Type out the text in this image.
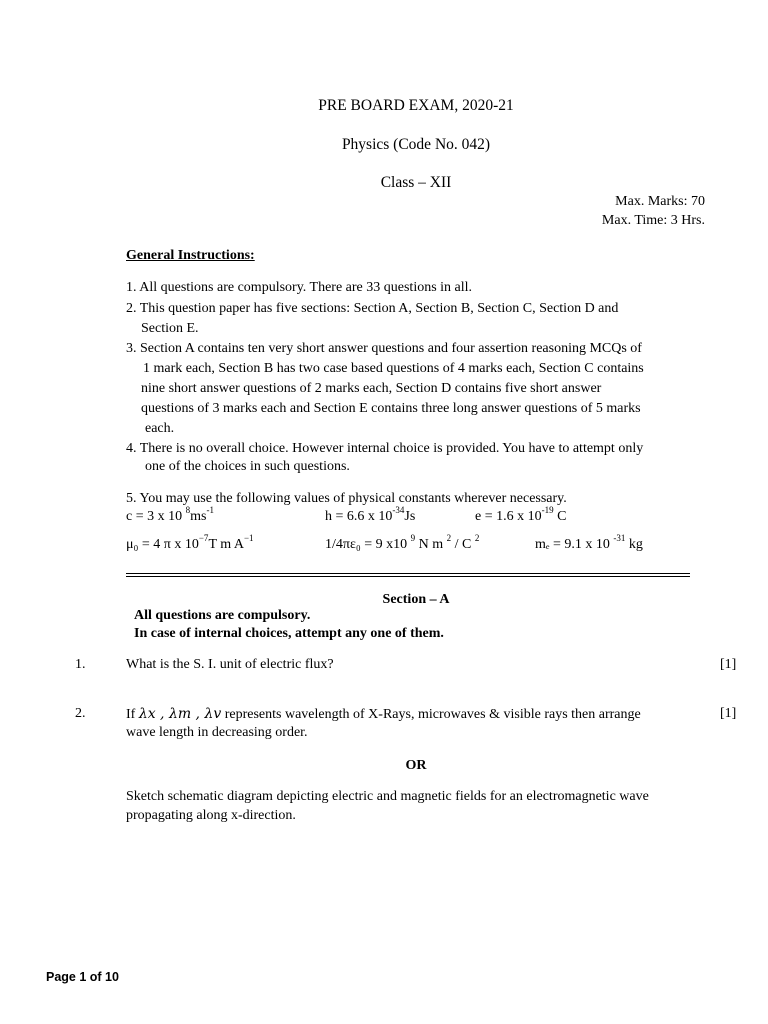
PRE BOARD EXAM, 2020-21
Physics (Code No. 042)
Class – XII
Max. Marks: 70
Max. Time: 3 Hrs.
General Instructions:
1. All questions are compulsory. There are 33 questions in all.
2. This question paper has five sections: Section A, Section B, Section C, Section D and
Section E.
3. Section A contains ten very short answer questions and four assertion reasoning MCQs of
1 mark each, Section B has two case based questions of 4 marks each, Section C contains
nine short answer questions of 2 marks each, Section D contains five short answer
questions of 3 marks each and Section E contains three long answer questions of 5 marks
each.
4. There is no overall choice. However internal choice is provided. You have to attempt only
one of the choices in such questions.
5. You may use the following values of physical constants wherever necessary.
c = 3 x 10 $^8ms^{-1}$	h = 6.6 x $10^{-34}Js$	e = 1.6 x $10^{-19}$ C
μ₀ = 4 π x $10^{-7}T$ m $A^{-1}$	1/4πε₀ = 9 x10 $^9$ N m $^2$ / C $^2$	mₑ = 9.1 x 10 $^{-31}$ kg
Section – A
All questions are compulsory.
In case of internal choices, attempt any one of them.
1.	What is the S. I. unit of electric flux?	[1]
2.	If λx , λm , λv represents wavelength of X-Rays, microwaves & visible rays then arrange	[1]
wave length in decreasing order.
OR
Sketch schematic diagram depicting electric and magnetic fields for an electromagnetic wave
propagating along x-direction.
Page 1 of 10
